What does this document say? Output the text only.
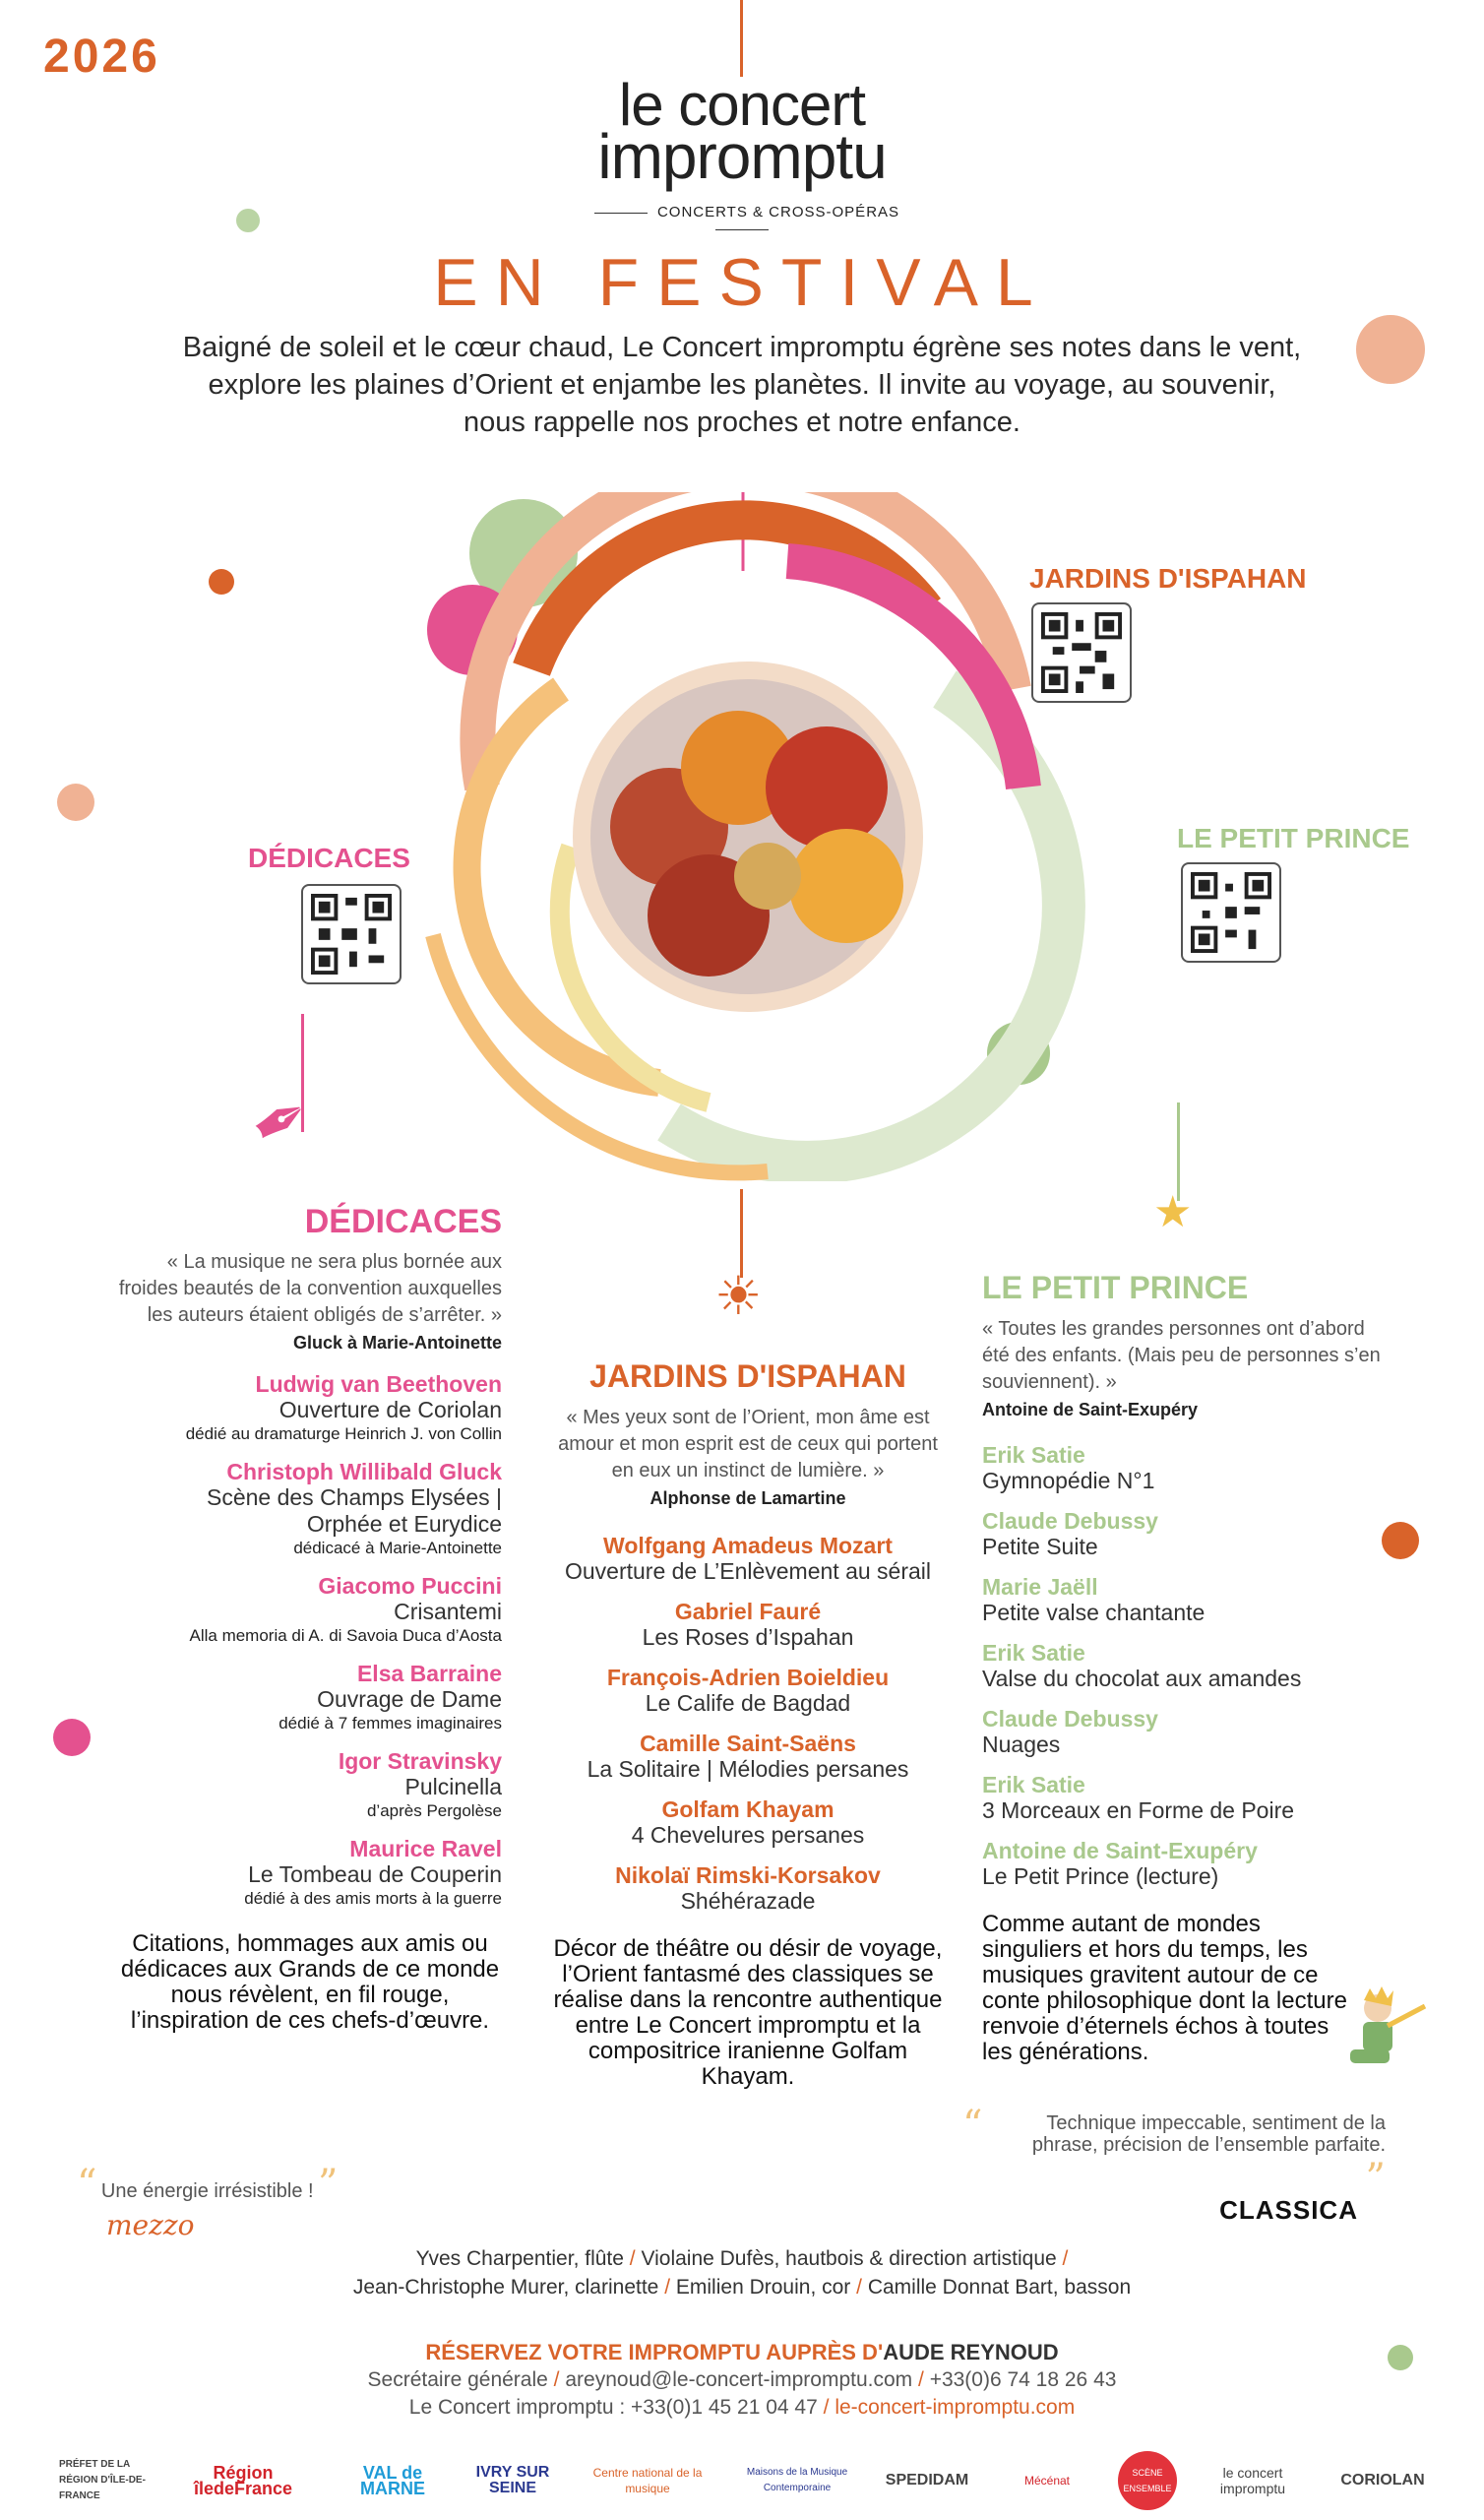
2026
le concert
impromptu
CONCERTS & CROSS-OPÉRAS
EN FESTIVAL
Baigné de soleil et le cœur chaud, Le Concert impromptu égrène ses notes dans le vent, explore les plaines d’Orient et enjambe les planètes. Il invite au voyage, au souvenir, nous rappelle nos proches et notre enfance.
JARDINS D'ISPAHAN
DÉDICACES
LE PETIT PRINCE
✒
☀
★
DÉDICACES
« La musique ne sera plus bornée aux froides beautés de la convention auxquelles les auteurs étaient obligés de s’arrêter. »
Gluck à Marie-Antoinette
Ludwig van Beethoven
Ouverture de Coriolan
dédié au dramaturge Heinrich J. von Collin
Christoph Willibald Gluck
Scène des Champs Elysées | Orphée et Eurydice
dédicacé à Marie-Antoinette
Giacomo Puccini
Crisantemi
Alla memoria di A. di Savoia Duca d’Aosta
Elsa Barraine
Ouvrage de Dame
dédié à 7 femmes imaginaires
Igor Stravinsky
Pulcinella
d’après Pergolèse
Maurice Ravel
Le Tombeau de Couperin
dédié à des amis morts à la guerre
Citations, hommages aux amis ou dédicaces aux Grands de ce monde nous révèlent, en fil rouge, l’inspiration de ces chefs-d’œuvre.
JARDINS D'ISPAHAN
« Mes yeux sont de l’Orient, mon âme est amour et mon esprit est de ceux qui portent en eux un instinct de lumière. »
Alphonse de Lamartine
Wolfgang Amadeus Mozart
Ouverture de L’Enlèvement au sérail
Gabriel Fauré
Les Roses d’Ispahan
François-Adrien Boieldieu
Le Calife de Bagdad
Camille Saint-Saëns
La Solitaire | Mélodies persanes
Golfam Khayam
4 Chevelures persanes
Nikolaï Rimski-Korsakov
Shéhérazade
Décor de théâtre ou désir de voyage, l’Orient fantasmé des classiques se réalise dans la rencontre authentique entre Le Concert impromptu et la compositrice iranienne Golfam Khayam.
LE PETIT PRINCE
« Toutes les grandes personnes ont d’abord été des enfants. (Mais peu de personnes s’en souviennent). »
Antoine de Saint-Exupéry
Erik Satie
Gymnopédie N°1
Claude Debussy
Petite Suite
Marie Jaëll
Petite valse chantante
Erik Satie
Valse du chocolat aux amandes
Claude Debussy
Nuages
Erik Satie
3 Morceaux en Forme de Poire
Antoine de Saint-Exupéry
Le Petit Prince (lecture)
Comme autant de mondes singuliers et hors du temps, les musiques gravitent autour de ce conte philosophique dont la lecture renvoie d’éternels échos à toutes les générations.
“ Une énergie irrésistible ! ”
mezzo
“	Technique impeccable, sentiment de la phrase, précision de l’ensemble parfaite.
”
CLASSICA
Yves Charpentier, flûte / Violaine Dufès, hautbois & direction artistique /
Jean-Christophe Murer, clarinette / Emilien Drouin, cor / Camille Donnat Bart, basson
RÉSERVEZ VOTRE IMPROMPTU AUPRÈS D'AUDE REYNOUD
Secrétaire générale / areynoud@le-concert-impromptu.com / +33(0)6 74 18 26 43
Le Concert impromptu : +33(0)1 45 21 04 47 / le-concert-impromptu.com
PRÉFET DE LA RÉGION D'ÎLE-DE-FRANCE
Région îledeFrance
VAL de MARNE
IVRY SUR SEINE
Centre national de la musique
Maisons de la Musique Contemporaine	SPEDIDAM	Mécénat
SCÈNE ENSEMBLE
le concert impromptu	CORIOLAN
